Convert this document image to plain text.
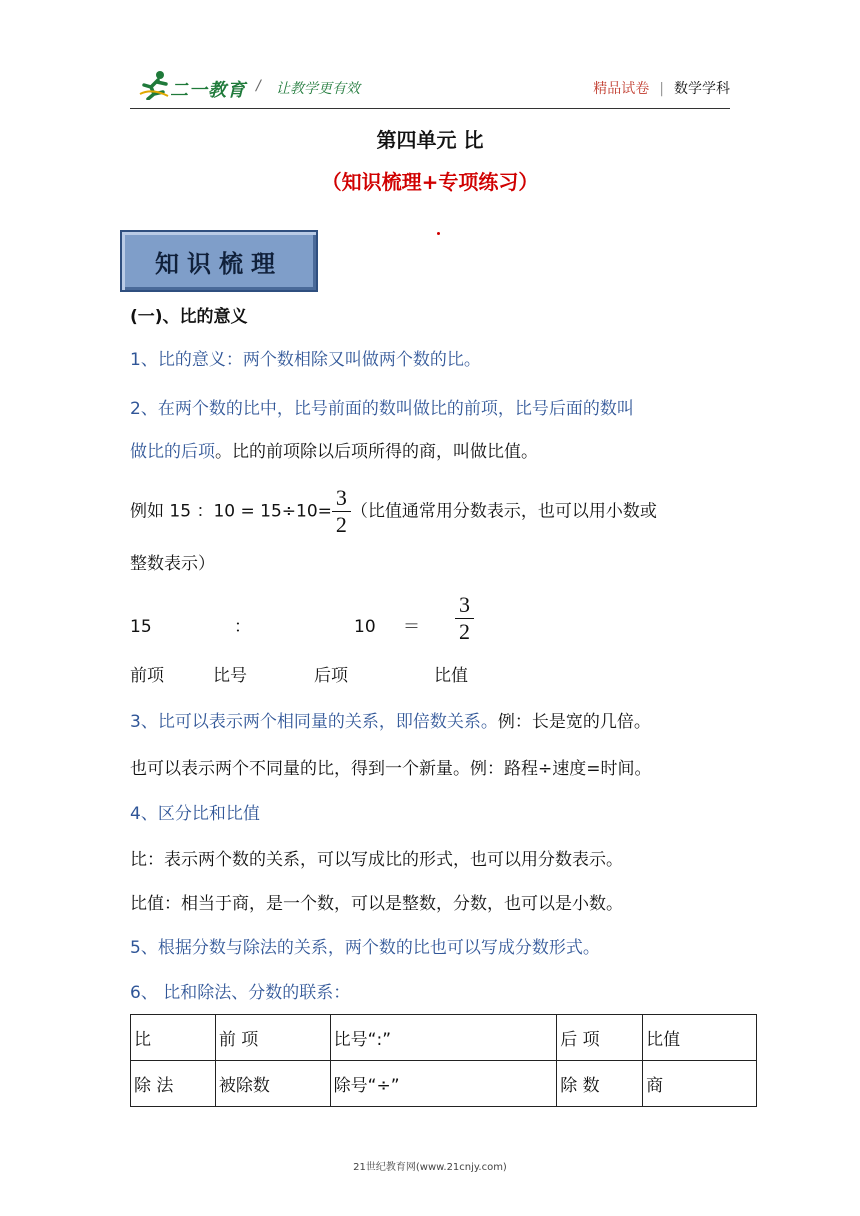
二一教育 / 让教学更有效	精品试卷 | 数学学科
第四单元 比
（知识梳理+专项练习）
知识梳理
(一)、比的意义
1、比的意义：两个数相除又叫做两个数的比。
2、在两个数的比中，比号前面的数叫做比的前项，比号后面的数叫
做比的后项。比的前项除以后项所得的商，叫做比值。
例如 15 ：$10 = 15\div 10= \frac{3}{2}$ （比值通常用分数表示，也可以用小数或
整数表示）
15	：	$10 = \frac{3}{2}$
前项	比号	后项	比值
3、比可以表示两个相同量的关系，即倍数关系。例：长是宽的几倍。
也可以表示两个不同量的比，得到一个新量。例：路程÷速度=时间。
4、区分比和比值
比：表示两个数的关系，可以写成比的形式，也可以用分数表示。
比值：相当于商，是一个数，可以是整数，分数，也可以是小数。
5、根据分数与除法的关系，两个数的比也可以写成分数形式。
6、 比和除法、分数的联系：
比	前 项	比号“:”	后 项	比值
除 法	被除数	除号“÷”	除 数	商
21世纪教育网(www.21cnjy.com)
